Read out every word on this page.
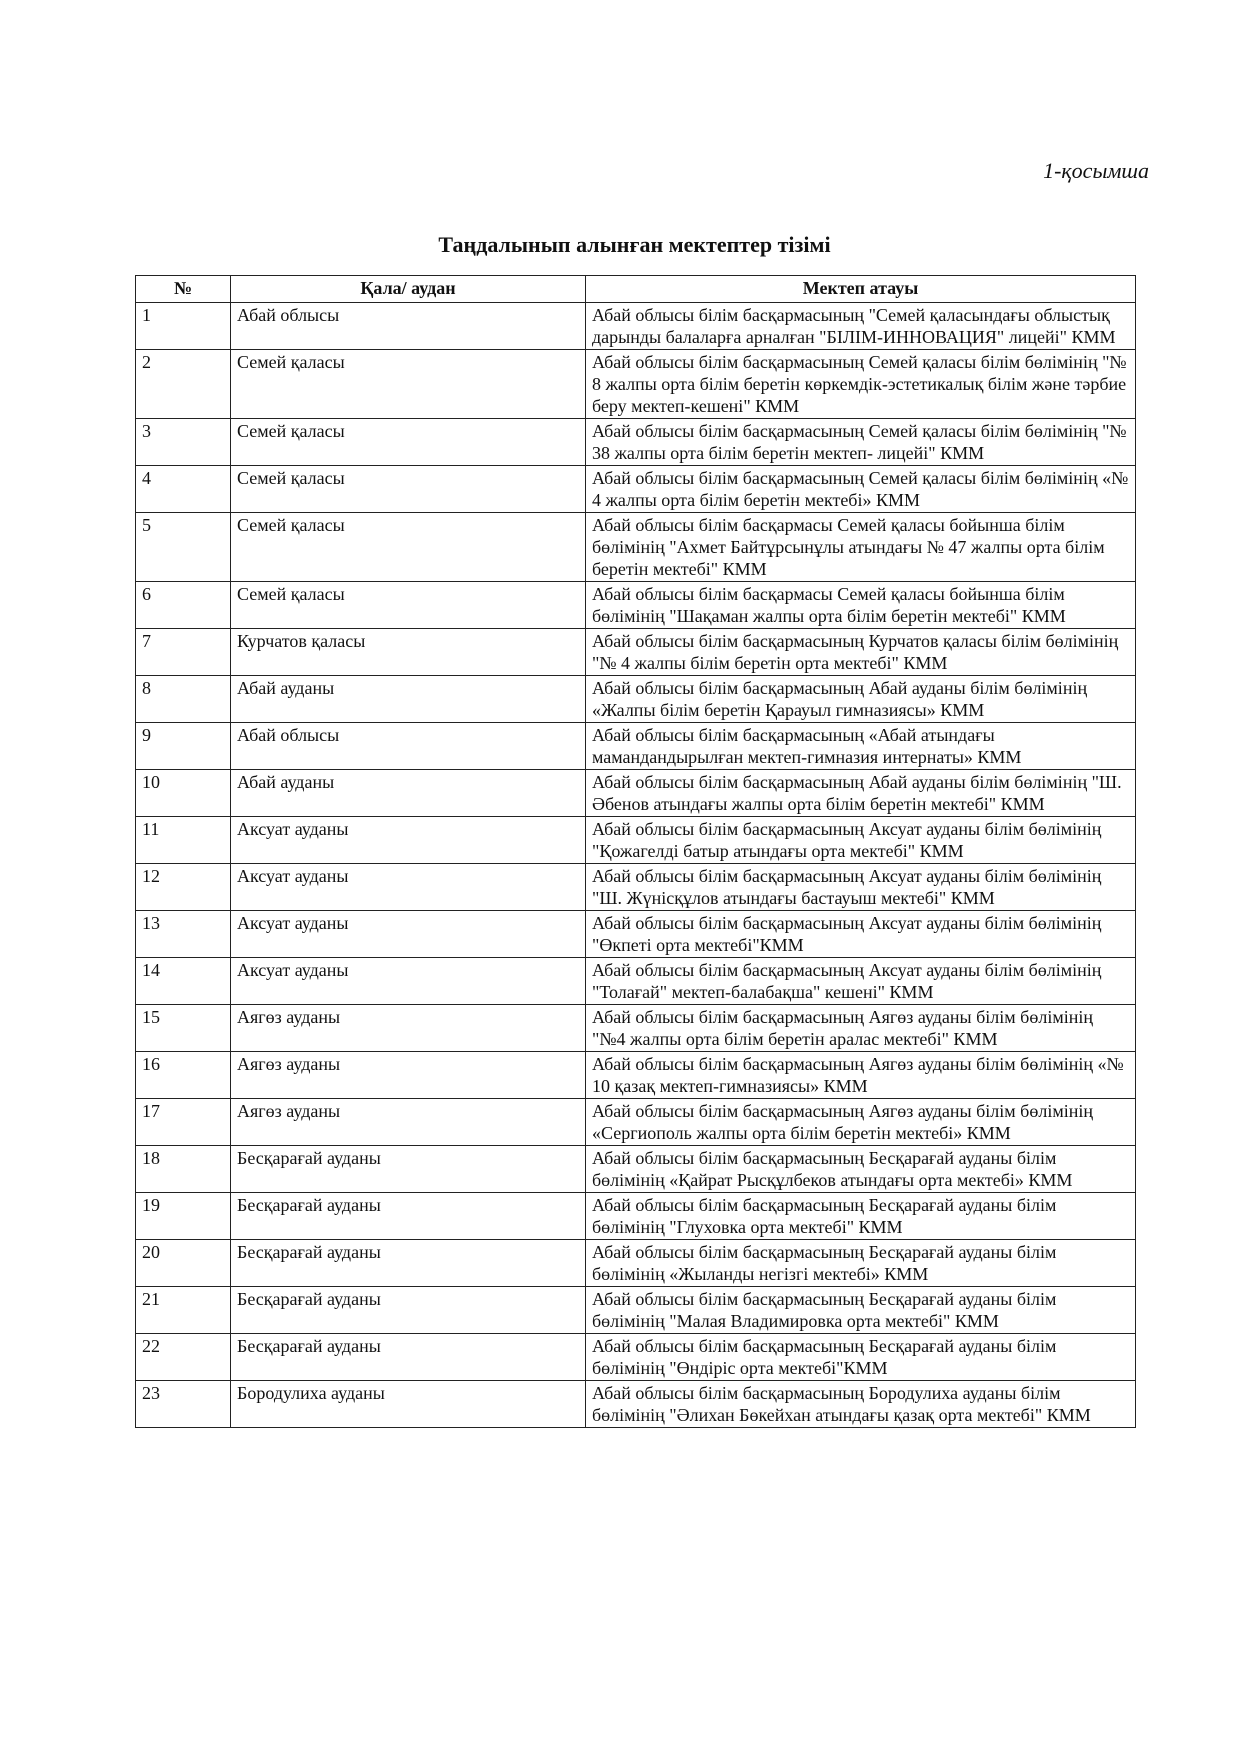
1-қосымша
Таңдалынып алынған мектептер тізімі
№	Қала/ аудан	Мектеп атауы
1	Абай облысы	Абай облысы білім басқармасының "Семей қаласындағы облыстық дарынды балаларға арналған "БІЛІМ-ИННОВАЦИЯ" лицейі" КММ
2	Семей қаласы	Абай облысы білім басқармасының Семей қаласы білім бөлімінің "№ 8 жалпы орта білім беретін көркемдік-эстетикалық білім және тәрбие беру мектеп-кешені" КММ
3	Семей қаласы	Абай облысы білім басқармасының Семей қаласы білім бөлімінің "№ 38 жалпы орта білім беретін мектеп- лицейі" КММ
4	Семей қаласы	Абай облысы білім басқармасының Семей қаласы білім бөлімінің «№ 4 жалпы орта білім беретін мектебі» КММ
5	Семей қаласы	Абай облысы білім басқармасы Семей қаласы бойынша білім бөлімінің "Ахмет Байтұрсынұлы атындағы № 47 жалпы орта білім беретін мектебі" КММ
6	Семей қаласы	Абай облысы білім басқармасы Семей қаласы бойынша білім бөлімінің "Шақаман жалпы орта білім беретін мектебі" КММ
7	Курчатов қаласы	Абай облысы білім басқармасының Курчатов қаласы білім бөлімінің "№ 4 жалпы білім беретін орта мектебі" КММ
8	Абай ауданы	Абай облысы білім басқармасының Абай ауданы білім бөлімінің «Жалпы білім беретін Қарауыл гимназиясы» КММ
9	Абай облысы	Абай облысы білім басқармасының «Абай атындағы мамандандырылған мектеп-гимназия интернаты» КММ
10	Абай ауданы	Абай облысы білім басқармасының Абай ауданы білім бөлімінің "Ш. Әбенов атындағы жалпы орта білім беретін мектебі" КММ
11	Аксуат ауданы	Абай облысы білім басқармасының Аксуат ауданы білім бөлімінің "Қожагелді батыр атындағы орта мектебі" КММ
12	Аксуат ауданы	Абай облысы білім басқармасының Аксуат ауданы білім бөлімінің "Ш. Жүнісқұлов атындағы бастауыш мектебі" КММ
13	Аксуат ауданы	Абай облысы білім басқармасының Аксуат ауданы білім бөлімінің "Өкпеті орта мектебі"КММ
14	Аксуат ауданы	Абай облысы білім басқармасының Аксуат ауданы білім бөлімінің "Толағай" мектеп-балабақша" кешені" КММ
15	Аягөз ауданы	Абай облысы білім басқармасының Аягөз ауданы білім бөлімінің "№4 жалпы орта білім беретін аралас мектебі" КММ
16	Аягөз ауданы	Абай облысы білім басқармасының Аягөз ауданы білім бөлімінің «№ 10 қазақ мектеп-гимназиясы» КММ
17	Аягөз ауданы	Абай облысы білім басқармасының Аягөз ауданы білім бөлімінің «Сергиополь жалпы орта білім беретін мектебі» КММ
18	Бесқарағай ауданы	Абай облысы білім басқармасының Бесқарағай ауданы білім бөлімінің «Қайрат Рысқұлбеков атындағы орта мектебі» КММ
19	Бесқарағай ауданы	Абай облысы білім басқармасының Бесқарағай ауданы білім бөлімінің "Глуховка орта мектебі" КММ
20	Бесқарағай ауданы	Абай облысы білім басқармасының Бесқарағай ауданы білім бөлімінің «Жыланды негізгі мектебі» КММ
21	Бесқарағай ауданы	Абай облысы білім басқармасының Бесқарағай ауданы білім бөлімінің "Малая Владимировка орта мектебі" КММ
22	Бесқарағай ауданы	Абай облысы білім басқармасының Бесқарағай ауданы білім бөлімінің "Өндіріс орта мектебі"КММ
23	Бородулиха ауданы	Абай облысы білім басқармасының Бородулиха ауданы білім бөлімінің "Әлихан Бөкейхан атындағы қазақ орта мектебі" КММ
